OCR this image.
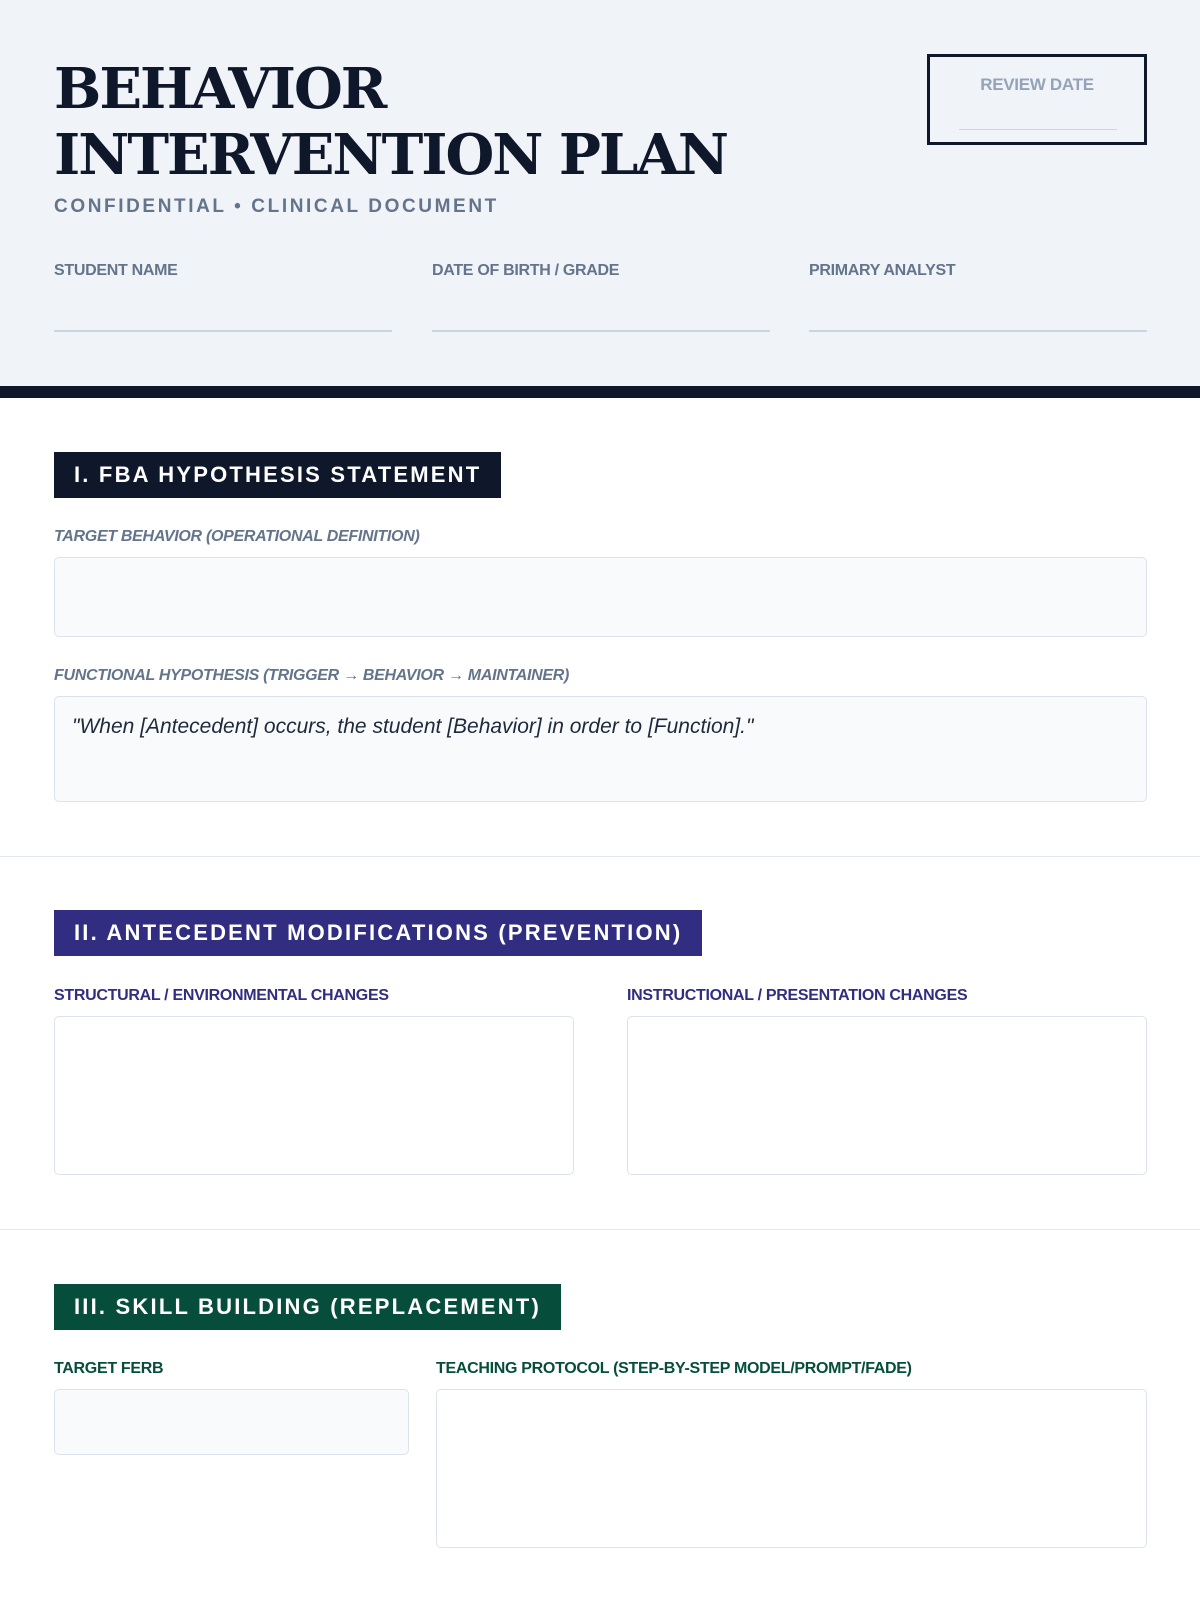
BEHAVIOR INTERVENTION PLAN
CONFIDENTIAL • CLINICAL DOCUMENT
REVIEW DATE
STUDENT NAME	DATE OF BIRTH / GRADE	PRIMARY ANALYST
I. FBA HYPOTHESIS STATEMENT
TARGET BEHAVIOR (OPERATIONAL DEFINITION)
FUNCTIONAL HYPOTHESIS (TRIGGER → BEHAVIOR → MAINTAINER)
"When [Antecedent] occurs, the student [Behavior] in order to [Function]."
II. ANTECEDENT MODIFICATIONS (PREVENTION)
STRUCTURAL / ENVIRONMENTAL CHANGES	INSTRUCTIONAL / PRESENTATION CHANGES
III. SKILL BUILDING (REPLACEMENT)
TARGET FERB	TEACHING PROTOCOL (STEP-BY-STEP MODEL/PROMPT/FADE)
